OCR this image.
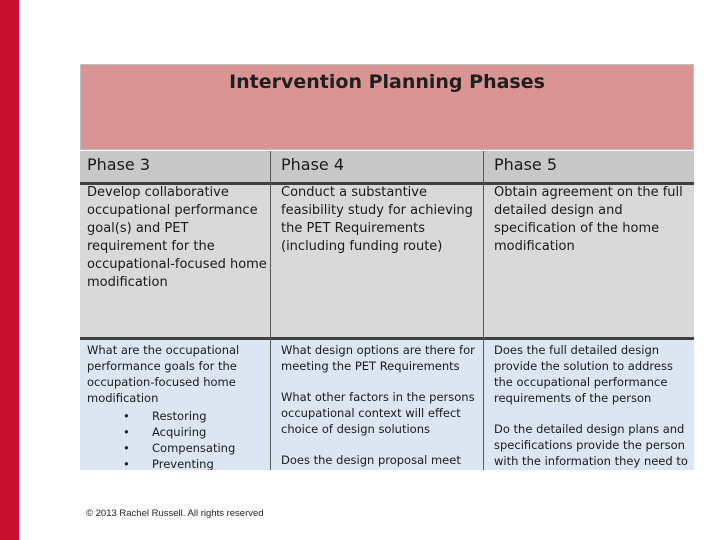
Intervention Planning Phases
Phase 3	Phase 4	Phase 5
Develop collaborative occupational performance goal(s) and PET requirement for the occupational-focused home modification
Conduct a substantive feasibility study for achieving the PET Requirements (including funding route)
Obtain agreement on the full detailed design and specification of the home modification

What are the occupational performance goals for the occupation-focused home modification

• Restoring
• Acquiring
• Compensating
• Preventing

What design options are there for meeting the PET Requirements

What other factors in the persons occupational context will effect choice of design solutions

Does the design proposal meet

Does the full detailed design provide the solution to address the occupational performance requirements of the person

Do the detailed design plans and specifications provide the person with the information they need to

© 2013 Rachel Russell. All rights reserved
